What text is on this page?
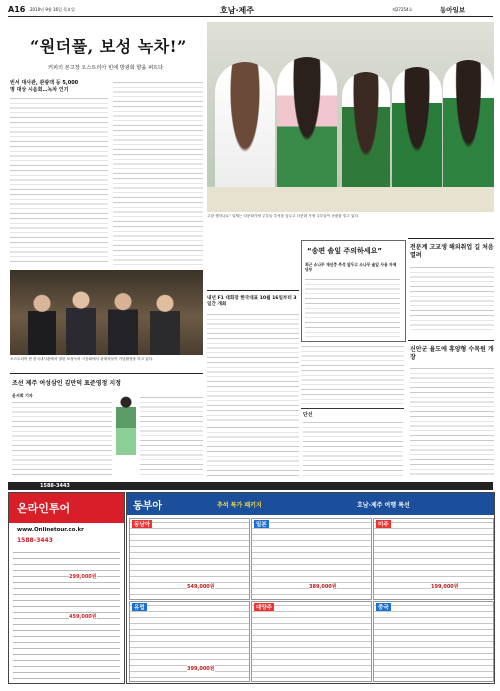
A16 2010년 9월 16일 목요일	호남·제주	제27254호	동아일보
“원더풀, 보성 녹차!”
커피의 본고장 오스트리아 빈에 방광회 향을 퍼뜨다
빈서 대사관, 관광객 등 5,000
명 대상 시음회…녹차 인기
고향 생각나요” 일제는 다문화가정 주부들 추석을 앞두고 다문화 가정 주부들이 송편을 빚고 있다.
오스트리아 빈 한국대사관에서 열린 보성녹차 시음회에서 관계자들이 기념촬영을 하고 있다.
조선 제주 여성삼인 김만덕 표준영정 지정
윤서희 기자
내년 F1 대회장 한국대표 10월 16일부터 3일간 개최
“송편 솔잎 주의하세요”
최근 소나무 재선충 추석 앞두고 소나무 솔잎 사용 자제 당부
전문계 고교생 해외취업 길 처음 열려
신안군 율도에 휴양형 수목원 개장
단신
1588-3443
온라인투어
www.Onlinetour.co.kr
1588-3443
299,000원
459,000원
동부아	추석 특가 패키지	호남·제주 여행 특선
동남아
549,000원
일본
389,000원
미주
199,000원
유럽
399,000원
대양주	중국
